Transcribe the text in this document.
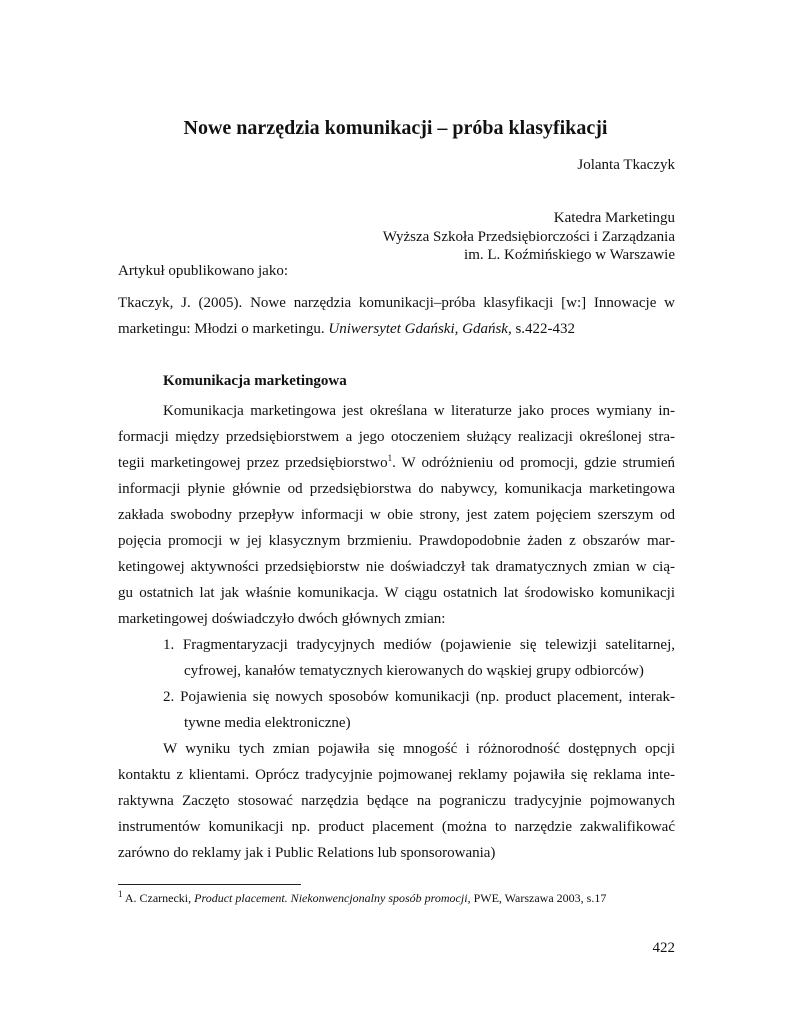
Nowe narzędzia komunikacji – próba klasyfikacji
Jolanta Tkaczyk
Katedra Marketingu
Wyższa Szkoła Przedsiębiorczości i Zarządzania
im. L. Koźmińskiego w Warszawie
Artykuł opublikowano jako:
Tkaczyk, J. (2005). Nowe narzędzia komunikacji–próba klasyfikacji [w:] Innowacje w
marketingu: Młodzi o marketingu. Uniwersytet Gdański, Gdańsk, s.422-432
Komunikacja marketingowa
Komunikacja marketingowa jest określana w literaturze jako proces wymiany in-
formacji między przedsiębiorstwem a jego otoczeniem służący realizacji określonej stra-
tegii marketingowej przez przedsiębiorstwo$^1$. W odróżnieniu od promocji, gdzie strumień
informacji płynie głównie od przedsiębiorstwa do nabywcy, komunikacja marketingowa
zakłada swobodny przepływ informacji w obie strony, jest zatem pojęciem szerszym od
pojęcia promocji w jej klasycznym brzmieniu. Prawdopodobnie żaden z obszarów mar-
ketingowej aktywności przedsiębiorstw nie doświadczył tak dramatycznych zmian w cią-
gu ostatnich lat jak właśnie komunikacja. W ciągu ostatnich lat środowisko komunikacji
marketingowej doświadczyło dwóch głównych zmian:
1. Fragmentaryzacji tradycyjnych mediów (pojawienie się telewizji satelitarnej,
cyfrowej, kanałów tematycznych kierowanych do wąskiej grupy odbiorców)
2. Pojawienia się nowych sposobów komunikacji (np. product placement, interak-
tywne media elektroniczne)
W wyniku tych zmian pojawiła się mnogość i różnorodność dostępnych opcji
kontaktu z klientami. Oprócz tradycyjnie pojmowanej reklamy pojawiła się reklama inte-
raktywna Zaczęto stosować narzędzia będące na pograniczu tradycyjnie pojmowanych
instrumentów komunikacji np. product placement (można to narzędzie zakwalifikować
zarówno do reklamy jak i Public Relations lub sponsorowania)
$^1$ A. Czarnecki, Product placement. Niekonwencjonalny sposób promocji, PWE, Warszawa 2003, s.17
422
